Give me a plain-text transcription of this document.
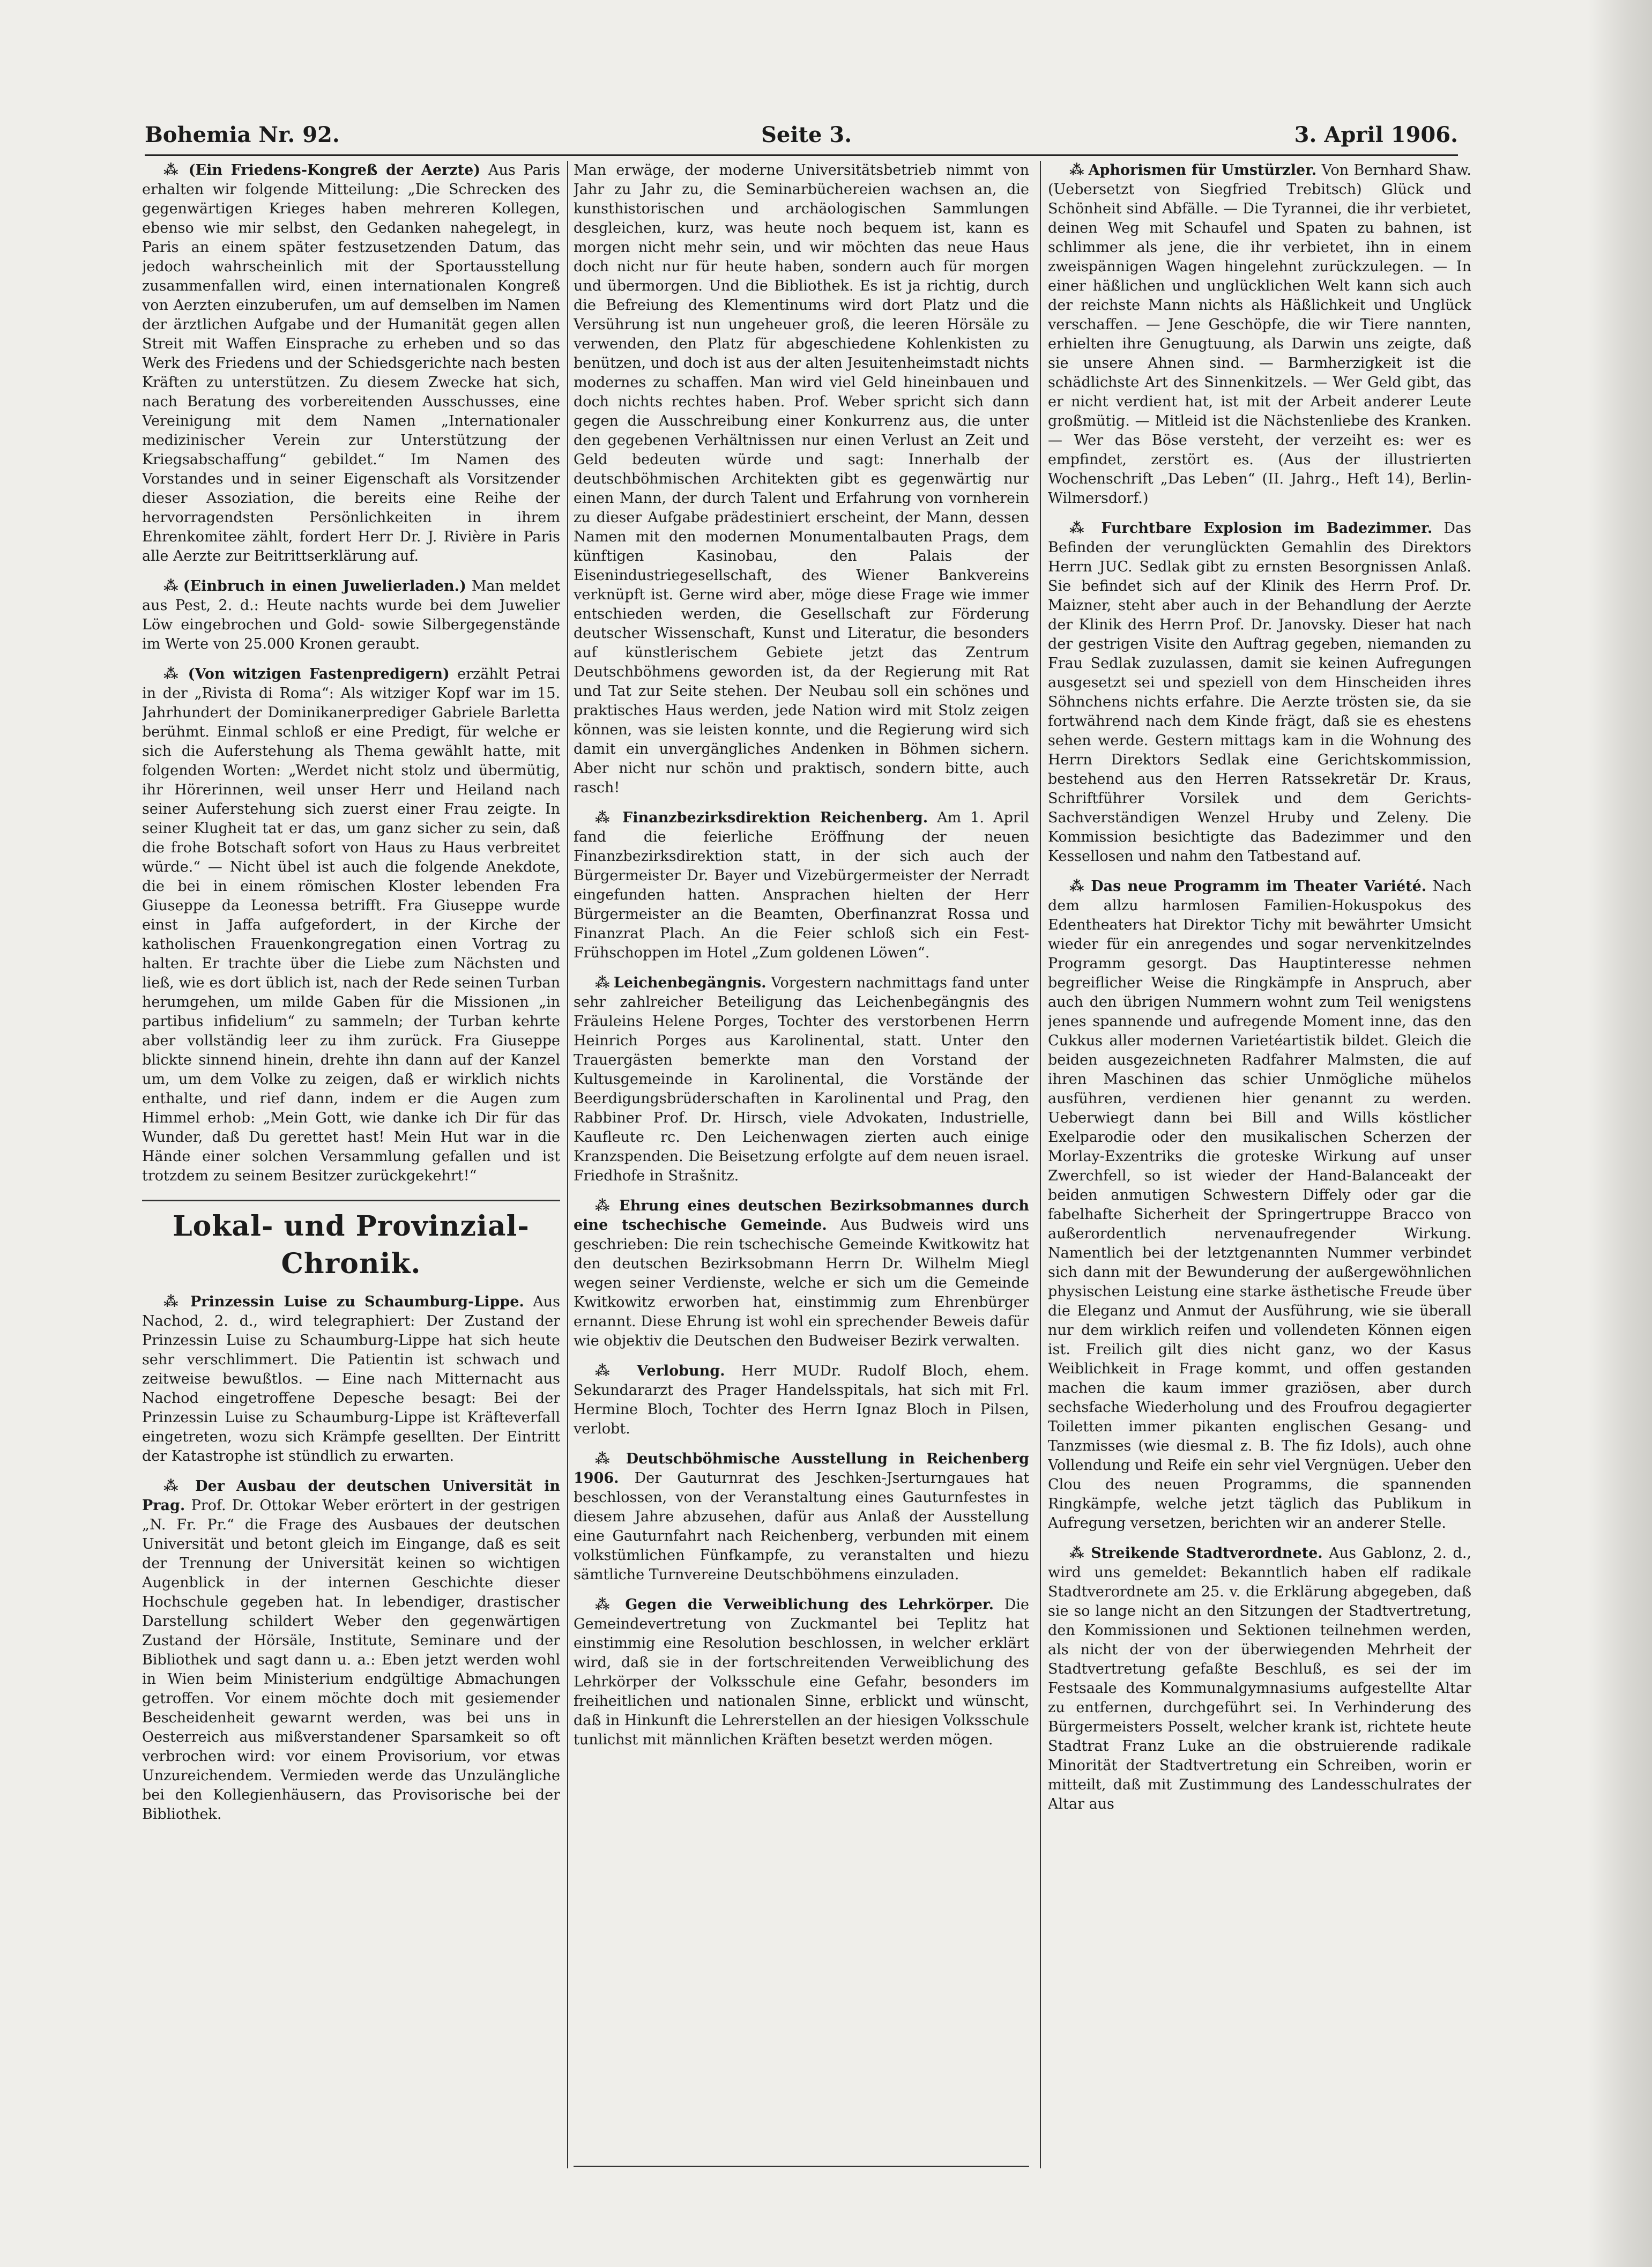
Bohemia Nr. 92.	Seite 3.	3. April 1906.

⁂ (Ein Friedens-Kongreß der Aerzte) Aus Paris erhalten wir folgende Mitteilung: „Die Schrecken des gegenwärtigen Krieges haben mehreren Kollegen, ebenso wie mir selbst, den Gedanken nahegelegt, in Paris an einem später festzusetzenden Datum, das jedoch wahrscheinlich mit der Sportausstellung zusammenfallen wird, einen internationalen Kongreß von Aerzten einzuberufen, um auf demselben im Namen der ärztlichen Aufgabe und der Humanität gegen allen Streit mit Waffen Einsprache zu erheben und so das Werk des Friedens und der Schiedsgerichte nach besten Kräften zu unterstützen. Zu diesem Zwecke hat sich, nach Beratung des vorbereitenden Ausschusses, eine Vereinigung mit dem Namen „Internationaler medizinischer Verein zur Unterstützung der Kriegsabschaffung“ gebildet.“ Im Namen des Vorstandes und in seiner Eigenschaft als Vorsitzender dieser Assoziation, die bereits eine Reihe der hervorragendsten Persönlichkeiten in ihrem Ehrenkomitee zählt, fordert Herr Dr. J. Rivière in Paris alle Aerzte zur Beitrittserklärung auf.

⁂ (Einbruch in einen Juwelierladen.) Man meldet aus Pest, 2. d.: Heute nachts wurde bei dem Juwelier Löw eingebrochen und Gold- sowie Silbergegenstände im Werte von 25.000 Kronen geraubt.

⁂ (Von witzigen Fastenpredigern) erzählt Petrai in der „Rivista di Roma“: Als witziger Kopf war im 15. Jahrhundert der Dominikanerprediger Gabriele Barletta berühmt. Einmal schloß er eine Predigt, für welche er sich die Auferstehung als Thema gewählt hatte, mit folgenden Worten: „Werdet nicht stolz und übermütig, ihr Hörerinnen, weil unser Herr und Heiland nach seiner Auferstehung sich zuerst einer Frau zeigte. In seiner Klugheit tat er das, um ganz sicher zu sein, daß die frohe Botschaft sofort von Haus zu Haus verbreitet würde.“ — Nicht übel ist auch die folgende Anekdote, die bei in einem römischen Kloster lebenden Fra Giuseppe da Leonessa betrifft. Fra Giuseppe wurde einst in Jaffa aufgefordert, in der Kirche der katholischen Frauenkongregation einen Vortrag zu halten. Er trachte über die Liebe zum Nächsten und ließ, wie es dort üblich ist, nach der Rede seinen Turban herumgehen, um milde Gaben für die Missionen „in partibus infidelium“ zu sammeln; der Turban kehrte aber vollständig leer zu ihm zurück. Fra Giuseppe blickte sinnend hinein, drehte ihn dann auf der Kanzel um, um dem Volke zu zeigen, daß er wirklich nichts enthalte, und rief dann, indem er die Augen zum Himmel erhob: „Mein Gott, wie danke ich Dir für das Wunder, daß Du gerettet hast! Mein Hut war in die Hände einer solchen Versammlung gefallen und ist trotzdem zu seinem Besitzer zurückgekehrt!“

Lokal- und Provinzial-Chronik.

⁂ Prinzessin Luise zu Schaumburg-Lippe. Aus Nachod, 2. d., wird telegraphiert: Der Zustand der Prinzessin Luise zu Schaumburg-Lippe hat sich heute sehr verschlimmert. Die Patientin ist schwach und zeitweise bewußtlos. — Eine nach Mitternacht aus Nachod eingetroffene Depesche besagt: Bei der Prinzessin Luise zu Schaumburg-Lippe ist Kräfteverfall eingetreten, wozu sich Krämpfe gesellten. Der Eintritt der Katastrophe ist stündlich zu erwarten.

⁂ Der Ausbau der deutschen Universität in Prag. Prof. Dr. Ottokar Weber erörtert in der gestrigen „N. Fr. Pr.“ die Frage des Ausbaues der deutschen Universität und betont gleich im Eingange, daß es seit der Trennung der Universität keinen so wichtigen Augenblick in der internen Geschichte dieser Hochschule gegeben hat. In lebendiger, drastischer Darstellung schildert Weber den gegenwärtigen Zustand der Hörsäle, Institute, Seminare und der Bibliothek und sagt dann u. a.: Eben jetzt werden wohl in Wien beim Ministerium endgültige Abmachungen getroffen. Vor einem möchte doch mit gesiemender Bescheidenheit gewarnt werden, was bei uns in Oesterreich aus mißverstandener Sparsamkeit so oft verbrochen wird: vor einem Provisorium, vor etwas Unzureichendem. Vermieden werde das Unzulängliche bei den Kollegienhäusern, das Provisorische bei der Bibliothek.

Man erwäge, der moderne Universitätsbetrieb nimmt von Jahr zu Jahr zu, die Seminarbüchereien wachsen an, die kunsthistorischen und archäologischen Sammlungen desgleichen, kurz, was heute noch bequem ist, kann es morgen nicht mehr sein, und wir möchten das neue Haus doch nicht nur für heute haben, sondern auch für morgen und übermorgen. Und die Bibliothek. Es ist ja richtig, durch die Befreiung des Klementinums wird dort Platz und die Versührung ist nun ungeheuer groß, die leeren Hörsäle zu verwenden, den Platz für abgeschiedene Kohlenkisten zu benützen, und doch ist aus der alten Jesuitenheimstadt nichts modernes zu schaffen. Man wird viel Geld hineinbauen und doch nichts rechtes haben. Prof. Weber spricht sich dann gegen die Ausschreibung einer Konkurrenz aus, die unter den gegebenen Verhältnissen nur einen Verlust an Zeit und Geld bedeuten würde und sagt: Innerhalb der deutschböhmischen Architekten gibt es gegenwärtig nur einen Mann, der durch Talent und Erfahrung von vornherein zu dieser Aufgabe prädestiniert erscheint, der Mann, dessen Namen mit den modernen Monumentalbauten Prags, dem künftigen Kasinobau, den Palais der Eisenindustriegesellschaft, des Wiener Bankvereins verknüpft ist. Gerne wird aber, möge diese Frage wie immer entschieden werden, die Gesellschaft zur Förderung deutscher Wissenschaft, Kunst und Literatur, die besonders auf künstlerischem Gebiete jetzt das Zentrum Deutschböhmens geworden ist, da der Regierung mit Rat und Tat zur Seite stehen. Der Neubau soll ein schönes und praktisches Haus werden, jede Nation wird mit Stolz zeigen können, was sie leisten konnte, und die Regierung wird sich damit ein unvergängliches Andenken in Böhmen sichern. Aber nicht nur schön und praktisch, sondern bitte, auch rasch!

⁂ Finanzbezirksdirektion Reichenberg. Am 1. April fand die feierliche Eröffnung der neuen Finanzbezirksdirektion statt, in der sich auch der Bürgermeister Dr. Bayer und Vizebürgermeister der Nerradt eingefunden hatten. Ansprachen hielten der Herr Bürgermeister an die Beamten, Oberfinanzrat Rossa und Finanzrat Plach. An die Feier schloß sich ein Fest-Frühschoppen im Hotel „Zum goldenen Löwen“.

⁂ Leichenbegängnis. Vorgestern nachmittags fand unter sehr zahlreicher Beteiligung das Leichenbegängnis des Fräuleins Helene Porges, Tochter des verstorbenen Herrn Heinrich Porges aus Karolinental, statt. Unter den Trauergästen bemerkte man den Vorstand der Kultusgemeinde in Karolinental, die Vorstände der Beerdigungsbrüderschaften in Karolinental und Prag, den Rabbiner Prof. Dr. Hirsch, viele Advokaten, Industrielle, Kaufleute rc. Den Leichenwagen zierten auch einige Kranzspenden. Die Beisetzung erfolgte auf dem neuen israel. Friedhofe in Strašnitz.

⁂ Ehrung eines deutschen Bezirksobmannes durch eine tschechische Gemeinde. Aus Budweis wird uns geschrieben: Die rein tschechische Gemeinde Kwitkowitz hat den deutschen Bezirksobmann Herrn Dr. Wilhelm Miegl wegen seiner Verdienste, welche er sich um die Gemeinde Kwitkowitz erworben hat, einstimmig zum Ehrenbürger ernannt. Diese Ehrung ist wohl ein sprechender Beweis dafür wie objektiv die Deutschen den Budweiser Bezirk verwalten.

⁂ Verlobung. Herr MUDr. Rudolf Bloch, ehem. Sekundararzt des Prager Handelsspitals, hat sich mit Frl. Hermine Bloch, Tochter des Herrn Ignaz Bloch in Pilsen, verlobt.

⁂ Deutschböhmische Ausstellung in Reichenberg 1906. Der Gauturnrat des Jeschken-Jserturngaues hat beschlossen, von der Veranstaltung eines Gauturnfestes in diesem Jahre abzusehen, dafür aus Anlaß der Ausstellung eine Gauturnfahrt nach Reichenberg, verbunden mit einem volkstümlichen Fünfkampfe, zu veranstalten und hiezu sämtliche Turnvereine Deutschböhmens einzuladen.

⁂ Gegen die Verweiblichung des Lehrkörper. Die Gemeindevertretung von Zuckmantel bei Teplitz hat einstimmig eine Resolution beschlossen, in welcher erklärt wird, daß sie in der fortschreitenden Verweiblichung des Lehrkörper der Volksschule eine Gefahr, besonders im freiheitlichen und nationalen Sinne, erblickt und wünscht, daß in Hinkunft die Lehrerstellen an der hiesigen Volksschule tunlichst mit männlichen Kräften besetzt werden mögen.

⁂ Aphorismen für Umstürzler. Von Bernhard Shaw. (Uebersetzt von Siegfried Trebitsch) Glück und Schönheit sind Abfälle. — Die Tyrannei, die ihr verbietet, deinen Weg mit Schaufel und Spaten zu bahnen, ist schlimmer als jene, die ihr verbietet, ihn in einem zweispännigen Wagen hingelehnt zurückzulegen. — In einer häßlichen und unglücklichen Welt kann sich auch der reichste Mann nichts als Häßlichkeit und Unglück verschaffen. — Jene Geschöpfe, die wir Tiere nannten, erhielten ihre Genugtuung, als Darwin uns zeigte, daß sie unsere Ahnen sind. — Barmherzigkeit ist die schädlichste Art des Sinnenkitzels. — Wer Geld gibt, das er nicht verdient hat, ist mit der Arbeit anderer Leute großmütig. — Mitleid ist die Nächstenliebe des Kranken. — Wer das Böse versteht, der verzeiht es: wer es empfindet, zerstört es. (Aus der illustrierten Wochenschrift „Das Leben“ (II. Jahrg., Heft 14), Berlin-Wilmersdorf.)

⁂ Furchtbare Explosion im Badezimmer. Das Befinden der verunglückten Gemahlin des Direktors Herrn JUC. Sedlak gibt zu ernsten Besorgnissen Anlaß. Sie befindet sich auf der Klinik des Herrn Prof. Dr. Maizner, steht aber auch in der Behandlung der Aerzte der Klinik des Herrn Prof. Dr. Janovsky. Dieser hat nach der gestrigen Visite den Auftrag gegeben, niemanden zu Frau Sedlak zuzulassen, damit sie keinen Aufregungen ausgesetzt sei und speziell von dem Hinscheiden ihres Söhnchens nichts erfahre. Die Aerzte trösten sie, da sie fortwährend nach dem Kinde frägt, daß sie es ehestens sehen werde. Gestern mittags kam in die Wohnung des Herrn Direktors Sedlak eine Gerichtskommission, bestehend aus den Herren Ratssekretär Dr. Kraus, Schriftführer Vorsilek und dem Gerichts-Sachverständigen Wenzel Hruby und Zeleny. Die Kommission besichtigte das Badezimmer und den Kessellosen und nahm den Tatbestand auf.

⁂ Das neue Programm im Theater Variété. Nach dem allzu harmlosen Familien-Hokuspokus des Edentheaters hat Direktor Tichy mit bewährter Umsicht wieder für ein anregendes und sogar nervenkitzelndes Programm gesorgt. Das Hauptinteresse nehmen begreiflicher Weise die Ringkämpfe in Anspruch, aber auch den übrigen Nummern wohnt zum Teil wenigstens jenes spannende und aufregende Moment inne, das den Cukkus aller modernen Varietéartistik bildet. Gleich die beiden ausgezeichneten Radfahrer Malmsten, die auf ihren Maschinen das schier Unmögliche mühelos ausführen, verdienen hier genannt zu werden. Ueberwiegt dann bei Bill and Wills köstlicher Exelparodie oder den musikalischen Scherzen der Morlay-Exzentriks die groteske Wirkung auf unser Zwerchfell, so ist wieder der Hand-Balanceakt der beiden anmutigen Schwestern Diffely oder gar die fabelhafte Sicherheit der Springertruppe Bracco von außerordentlich nervenaufregender Wirkung. Namentlich bei der letztgenannten Nummer verbindet sich dann mit der Bewunderung der außergewöhnlichen physischen Leistung eine starke ästhetische Freude über die Eleganz und Anmut der Ausführung, wie sie überall nur dem wirklich reifen und vollendeten Können eigen ist. Freilich gilt dies nicht ganz, wo der Kasus Weiblichkeit in Frage kommt, und offen gestanden machen die kaum immer graziösen, aber durch sechsfache Wiederholung und des Froufrou degagierter Toiletten immer pikanten englischen Gesang- und Tanzmisses (wie diesmal z. B. The fiz Idols), auch ohne Vollendung und Reife ein sehr viel Vergnügen. Ueber den Clou des neuen Programms, die spannenden Ringkämpfe, welche jetzt täglich das Publikum in Aufregung versetzen, berichten wir an anderer Stelle.

⁂ Streikende Stadtverordnete. Aus Gablonz, 2. d., wird uns gemeldet: Bekanntlich haben elf radikale Stadtverordnete am 25. v. die Erklärung abgegeben, daß sie so lange nicht an den Sitzungen der Stadtvertretung, den Kommissionen und Sektionen teilnehmen werden, als nicht der von der überwiegenden Mehrheit der Stadtvertretung gefaßte Beschluß, es sei der im Festsaale des Kommunalgymnasiums aufgestellte Altar zu entfernen, durchgeführt sei. In Verhinderung des Bürgermeisters Posselt, welcher krank ist, richtete heute Stadtrat Franz Luke an die obstruierende radikale Minorität der Stadtvertretung ein Schreiben, worin er mitteilt, daß mit Zustimmung des Landesschulrates der Altar aus
